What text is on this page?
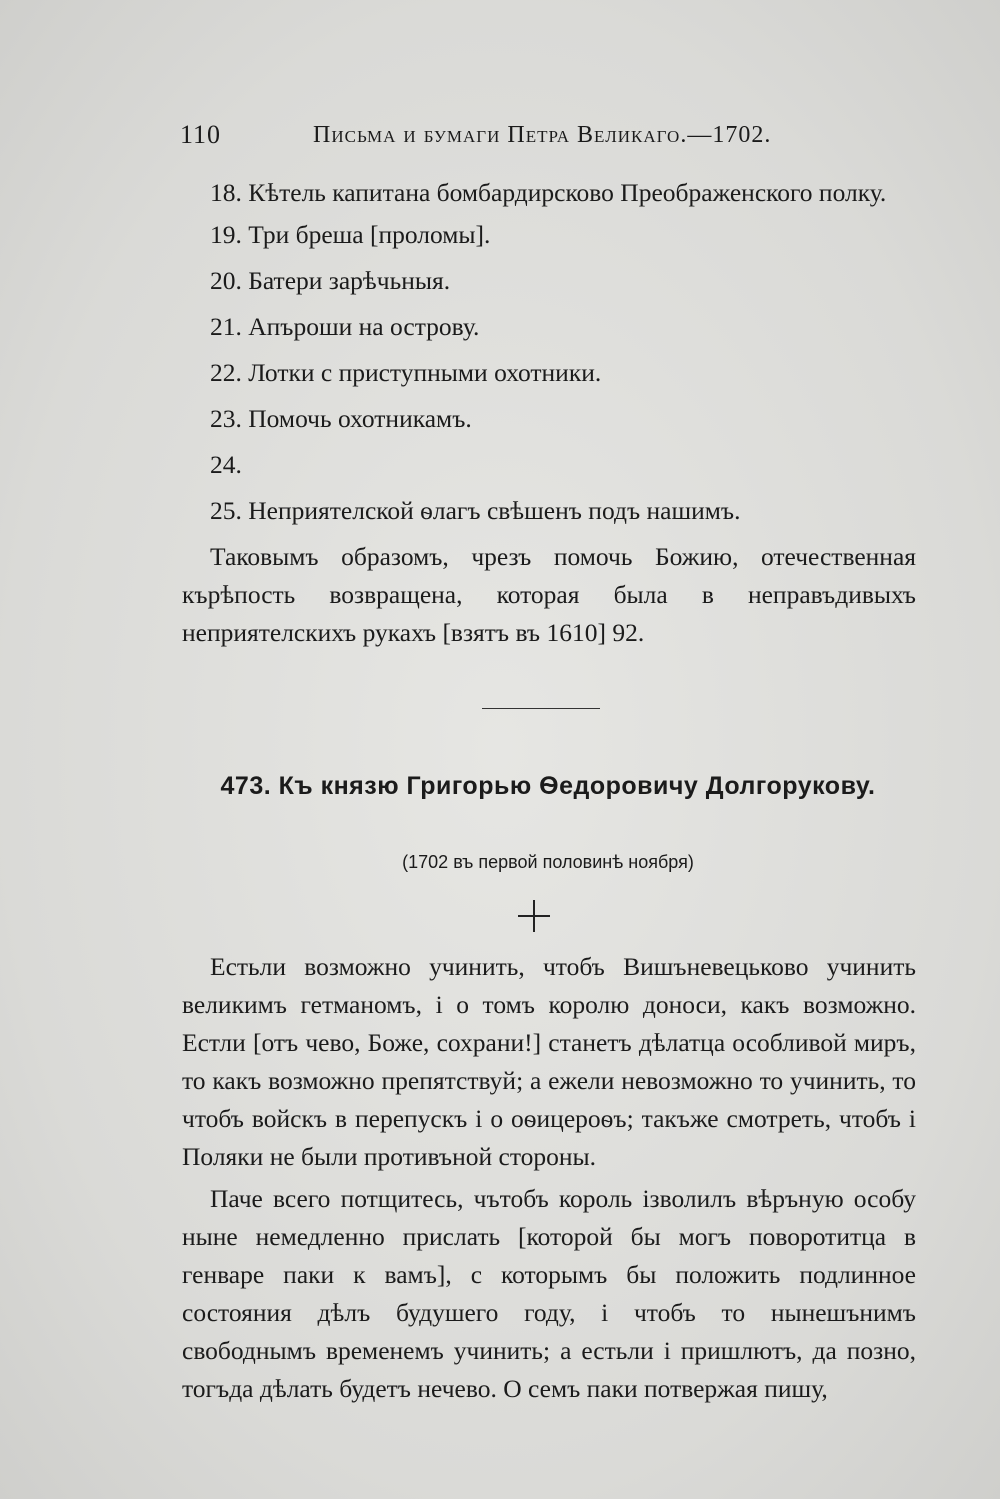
110	Письма и бумаги Петра Великаго.—1702.

18. Кѣтель капитана бомбардирсково Преображенского полку.

19. Три бреша [проломы].

20. Батери зарѣчьныя.

21. Апъроши на острову.

22. Лотки с приступными охотники.

23. Помочь охотникамъ.

24.

25. Неприятелской ѳлагъ свѣшенъ подъ нашимъ.

Таковымъ образомъ, чрезъ помочь Божию, отечественная кърѣпость возвращена, которая была в неправъдивыхъ неприятелскихъ рукахъ [взятъ въ 1610] 92.

473. Къ князю Григорью Ѳедоровичу Долгорукову.
(1702 въ первой половинѣ ноября)

Естьли возможно учинить, чтобъ Вишъневецьково учинить великимъ гетманомъ, і о томъ королю доноси, какъ возможно. Естли [отъ чево, Боже, сохрани!] станетъ дѣлатца особливой миръ, то какъ возможно препятствуй; а ежели невозможно то учинить, то чтобъ войскъ в перепускъ і о оѳицероѳъ; такъже смотреть, чтобъ і Поляки не были противъной стороны.

Паче всего потщитесь, чътобъ король ізволилъ вѣръную особу ныне немедленно прислать [которой бы могъ поворотитца в генваре паки к вамъ], с которымъ бы положить подлинное состояния дѣлъ будушего году, і чтобъ то нынешънимъ свободнымъ временемъ учинить; а естьли і пришлютъ, да позно, тогъда дѣлать будетъ нечево. О семъ паки потвержая пишу,
